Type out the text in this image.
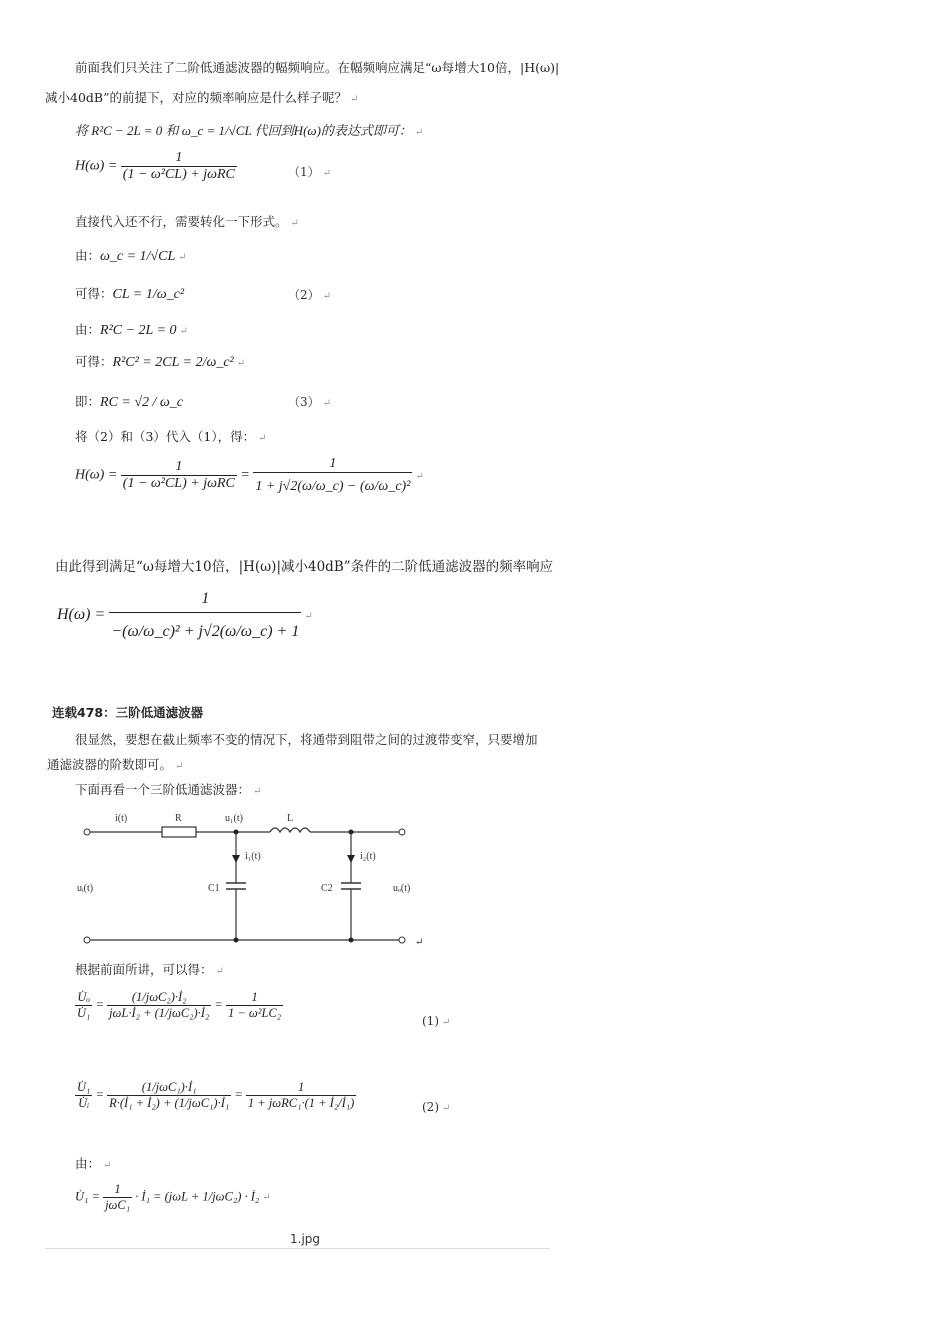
前面我们只关注了二阶低通滤波器的幅频响应。在幅频响应满足“ω每增大10倍，|H(ω)|
减小40dB”的前提下，对应的频率响应是什么样子呢？ ↵
将 R²C − 2L = 0 和 ω_c = 1/√CL 代回到H(ω)的表达式即可： ↵
$H(\omega) = \frac{1}{\text{(1 − ω²CL) + jωRC}}$	（1） ↵
直接代入还不行，需要转化一下形式。 ↵
由：ω_c = 1/√CL ↵
可得：CL = 1/ω_c²	（2） ↵
由：R²C − 2L = 0 ↵
可得：R²C² = 2CL = 2/ω_c² ↵
即：RC = √2 / ω_c	（3） ↵
将（2）和（3）代入（1），得： ↵
$H(\omega) = \frac{1}{\text{(1 − ω²CL) + jωRC}} = \frac{1}{\text{1 + j√2(ω/ω\_c) − (ω/ω\_c)²}}$ ↵
由此得到满足“ω每增大10倍，|H(ω)|减小40dB”条件的二阶低通滤波器的频率响应
$H(\omega) = \frac{1}{\text{−(ω/ω\_c)² + j√2(ω/ω\_c) + 1}}$ ↵
连载478：三阶低通滤波器
很显然，要想在截止频率不变的情况下，将通带到阻带之间的过渡带变窄，只要增加
通滤波器的阶数即可。 ↵
下面再看一个三阶低通滤波器： ↵
i(t)	R	u₁(t)	L
i₁(t)	i₂(t)
uᵢ(t)	C1	C2	uₒ(t)
↵
根据前面所讲，可以得： ↵
$\frac{\text{U̇ₒ}}{\text{U̇₁}} = \frac{\text{(1/jωC₂)·İ₂}}{\text{jωL·İ₂ + (1/jωC₂)·İ₂}} = \frac{1}{\text{1 − ω²LC₂}}$	(1) ↵
$\frac{\text{U̇₁}}{\text{U̇ᵢ}} = \frac{\text{(1/jωC₁)·İ₁}}{\text{R·(İ₁ + İ₂) + (1/jωC₁)·İ₁}} = \frac{1}{\text{1 + jωRC₁·(1 + İ₂/İ₁)}}$	(2) ↵
由： ↵
U̇₁ = $\frac{1}{\text{jωC₁}}$ · İ₁ = (jωL + 1/jωC₂) · İ₂ ↵
1.jpg
